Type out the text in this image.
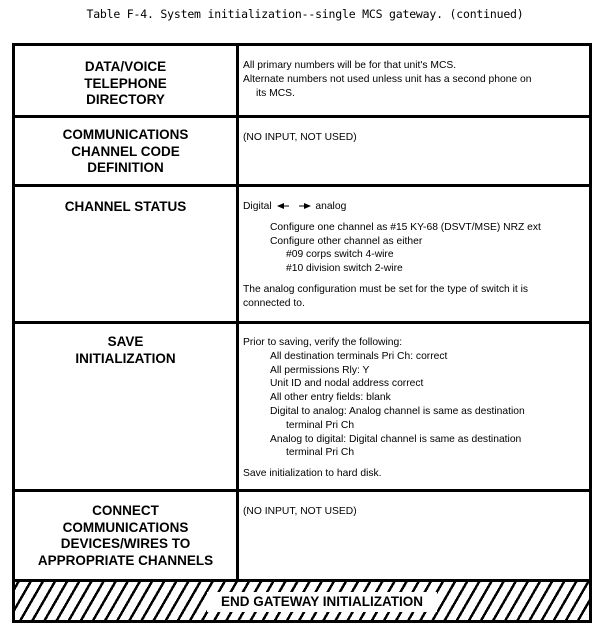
Table F-4. System initialization--single MCS gateway. (continued)
DATA/VOICE
TELEPHONE
DIRECTORY

All primary numbers will be for that unit's MCS.

Alternate numbers not used unless unit has a second phone on

its MCS.

COMMUNICATIONS
CHANNEL CODE
DEFINITION

(NO INPUT, NOT USED)

CHANNEL STATUS	Digital	analog

Configure one channel as #15 KY-68 (DSVT/MSE) NRZ ext

Configure other channel as either

#09 corps switch 4-wire

#10 division switch 2-wire

The analog configuration must be set for the type of switch it is

connected to.

SAVE
INITIALIZATION

Prior to saving, verify the following:

All destination terminals Pri Ch: correct

All permissions Rly: Y

Unit ID and nodal address correct

All other entry fields: blank

Digital to analog: Analog channel is same as destination

terminal Pri Ch

Analog to digital: Digital channel is same as destination

terminal Pri Ch

Save initialization to hard disk.

CONNECT
COMMUNICATIONS
DEVICES/WIRES TO
APPROPRIATE CHANNELS

(NO INPUT, NOT USED)

END GATEWAY INITIALIZATION
